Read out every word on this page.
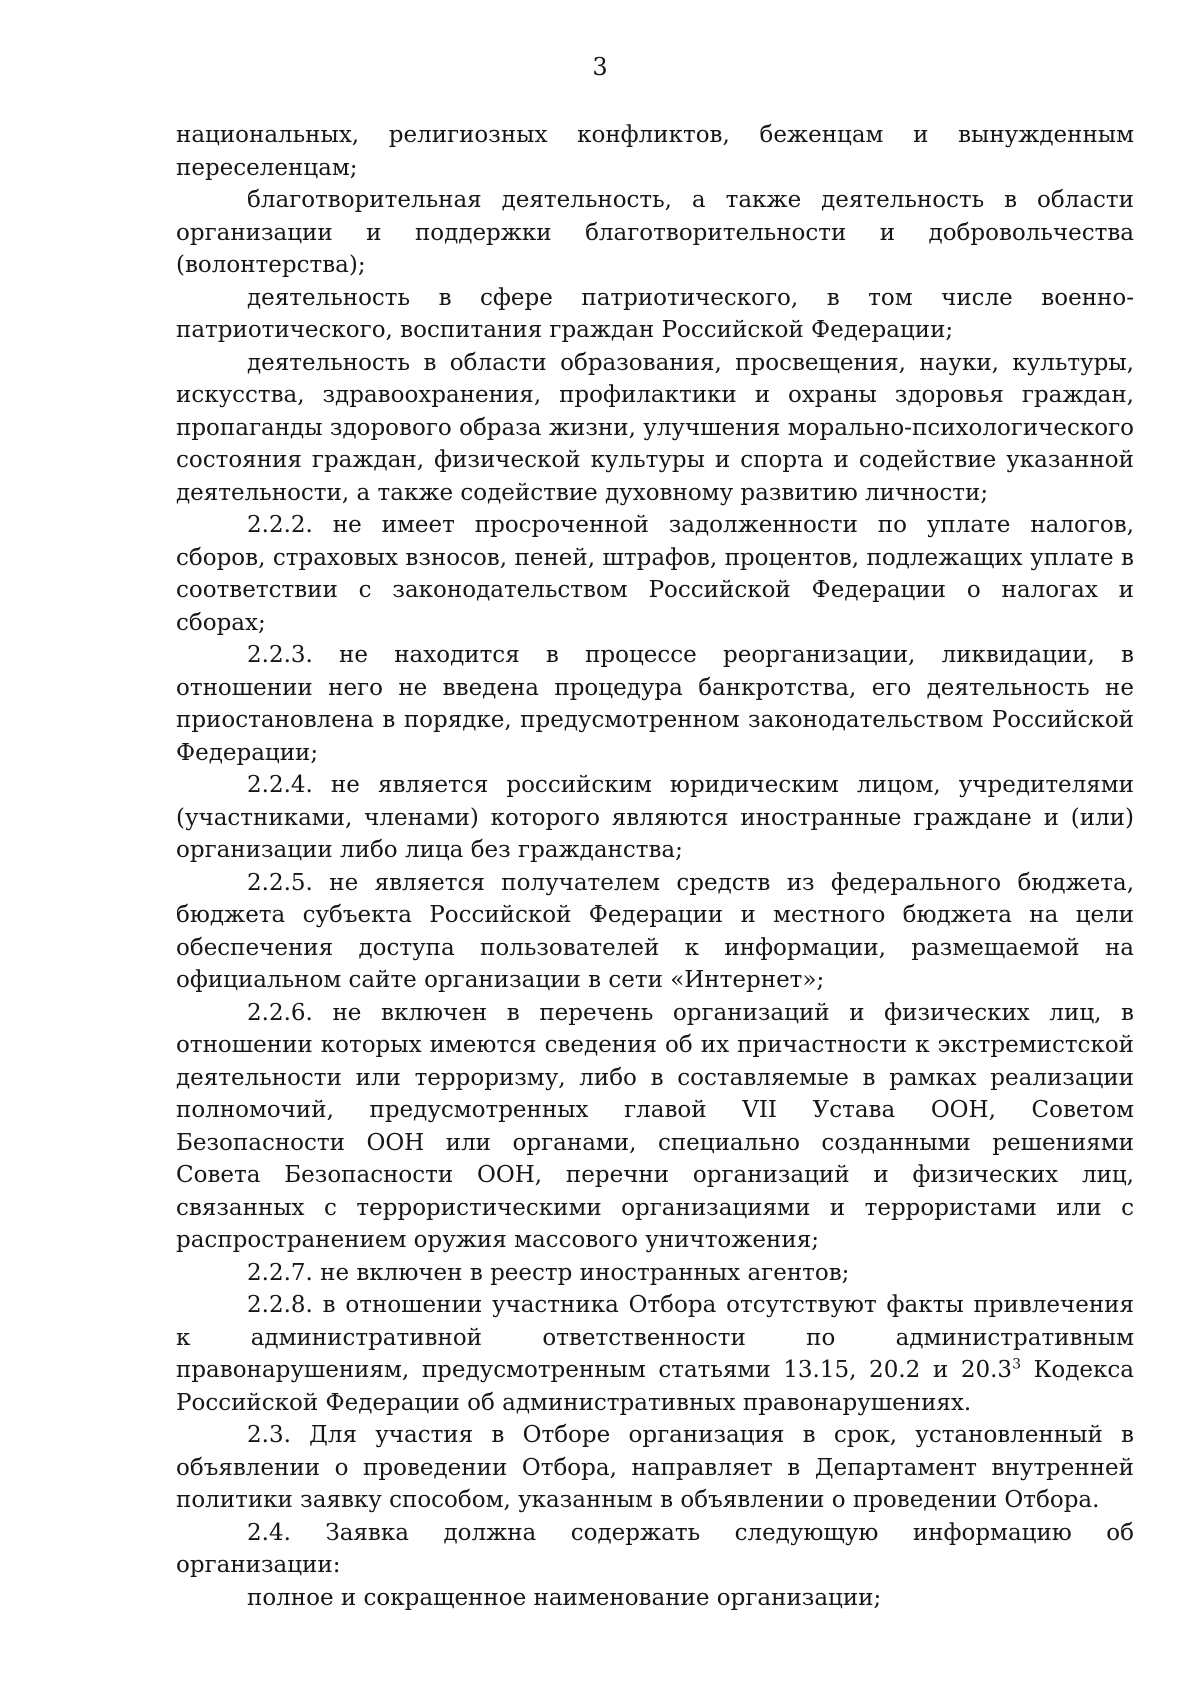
3

национальных, религиозных конфликтов, беженцам и вынужденным переселенцам;

благотворительная деятельность, а также деятельность в области организации и поддержки благотворительности и добровольчества (волонтерства);

деятельность в сфере патриотического, в том числе военно-патриотического, воспитания граждан Российской Федерации;

деятельность в области образования, просвещения, науки, культуры, искусства, здравоохранения, профилактики и охраны здоровья граждан, пропаганды здорового образа жизни, улучшения морально-психологического состояния граждан, физической культуры и спорта и содействие указанной деятельности, а также содействие духовному развитию личности;

2.2.2. не имеет просроченной задолженности по уплате налогов, сборов, страховых взносов, пеней, штрафов, процентов, подлежащих уплате в соответствии с законодательством Российской Федерации о налогах и сборах;

2.2.3. не находится в процессе реорганизации, ликвидации, в отношении него не введена процедура банкротства, его деятельность не приостановлена в порядке, предусмотренном законодательством Российской Федерации;

2.2.4. не является российским юридическим лицом, учредителями (участниками, членами) которого являются иностранные граждане и (или) организации либо лица без гражданства;

2.2.5. не является получателем средств из федерального бюджета, бюджета субъекта Российской Федерации и местного бюджета на цели обеспечения доступа пользователей к информации, размещаемой на официальном сайте организации в сети «Интернет»;

2.2.6. не включен в перечень организаций и физических лиц, в отношении которых имеются сведения об их причастности к экстремистской деятельности или терроризму, либо в составляемые в рамках реализации полномочий, предусмотренных главой VII Устава ООН, Советом Безопасности ООН или органами, специально созданными решениями Совета Безопасности ООН, перечни организаций и физических лиц, связанных с террористическими организациями и террористами или с распространением оружия массового уничтожения;

2.2.7. не включен в реестр иностранных агентов;

2.2.8. в отношении участника Отбора отсутствуют факты привлечения к административной ответственности по административным правонарушениям, предусмотренным статьями 13.15, 20.2 и 20.3$^3$ Кодекса Российской Федерации об административных правонарушениях.

2.3. Для участия в Отборе организация в срок, установленный в объявлении о проведении Отбора, направляет в Департамент внутренней политики заявку способом, указанным в объявлении о проведении Отбора.

2.4. Заявка должна содержать следующую информацию об организации:

полное и сокращенное наименование организации;
